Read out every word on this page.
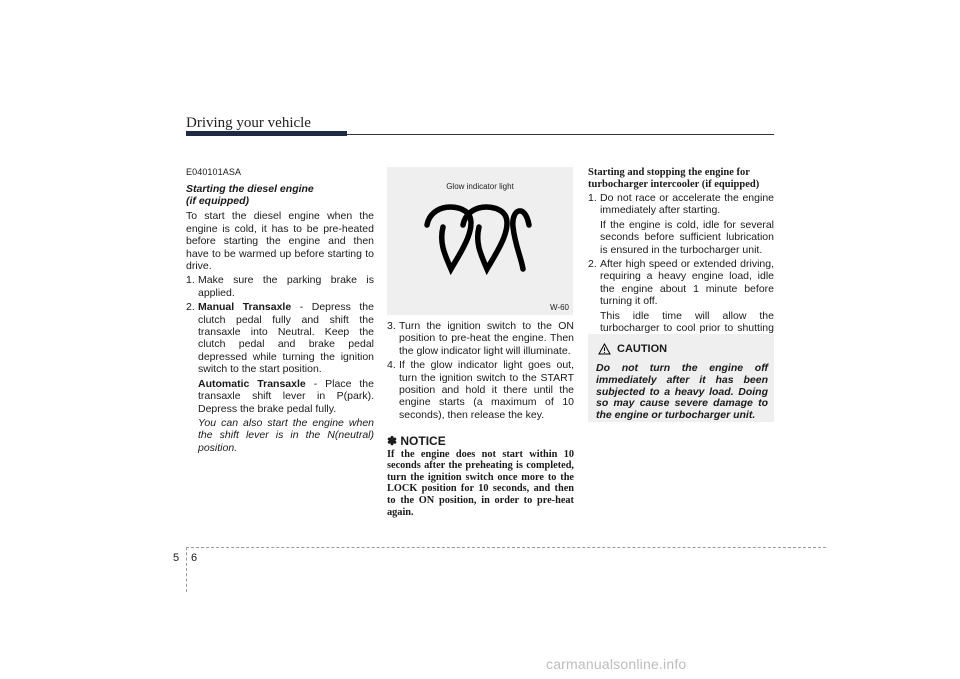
Driving your vehicle

E040101ASA

Starting the diesel engine
(if equipped)

To start the diesel engine when the engine is cold, it has to be pre-heated before starting the engine and then have to be warmed up before starting to drive.

1. Make sure the parking brake is applied.
2. Manual Transaxle - Depress the clutch pedal fully and shift the transaxle into Neutral. Keep the clutch pedal and brake pedal depressed while turning the ignition switch to the start position.

Automatic Transaxle - Place the transaxle shift lever in P(park). Depress the brake pedal fully.

You can also start the engine when the shift lever is in the N(neutral) position.

Glow indicator light
W-60
3. Turn the ignition switch to the ON position to pre-heat the engine. Then the glow indicator light will illuminate.
4. If the glow indicator light goes out, turn the ignition switch to the START position and hold it there until the engine starts (a maximum of 10 seconds), then release the key.

✽ NOTICE

If the engine does not start within 10 seconds after the preheating is completed, turn the ignition switch once more to the LOCK position for 10 seconds, and then to the ON position, in order to pre-heat again.

Starting and stopping the engine for turbocharger intercooler (if equipped)

1. Do not race or accelerate the engine immediately after starting.

If the engine is cold, idle for several seconds before sufficient lubrication is ensured in the turbocharger unit.

2. After high speed or extended driving, requiring a heavy engine load, idle the engine about 1 minute before turning it off.

This idle time will allow the turbocharger to cool prior to shutting

CAUTION
Do not turn the engine off immediately after it has been subjected to a heavy load. Doing so may cause severe damage to the engine or turbocharger unit.
5 6
carmanualsonline.info
